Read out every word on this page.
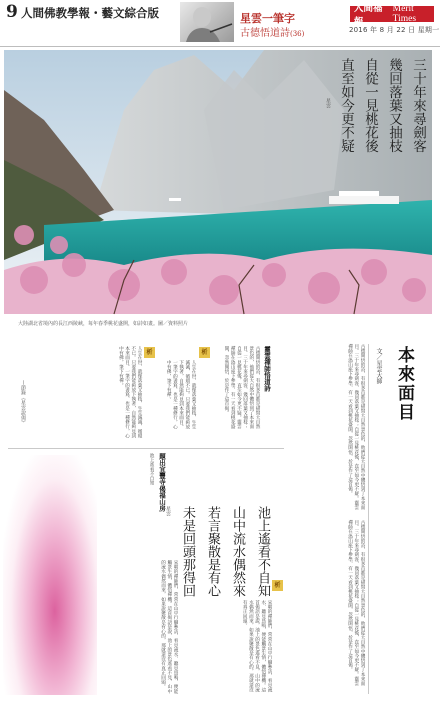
9 人間佛教學報・藝文綜合版	星雲一筆字
古德悟道詩(36)
人間福報
Merit Times
2016 年 8 月 22 日 星期一
三十年來尋劍客
幾回落葉又抽枝
自從一見桃花後
直至如今更不疑
星雲
大陸湖北省境內的長江西陵峽，每年春季桃花盛開，如詩如畫。圖／資料照片
本來面目
文／星雲大師
古德開悟的詩，有很多首都是描寫大自然景色的，他們從大自然中體悟到了本來面目。三十年來尋劍客，幾回落葉又抽枝；自從一見桃花後，直至如今更不疑。靈雲禪師在溈山座下參學，有一天看到桃花盛開，忽然開悟，於是作了這首偈。
古德開悟的詩，有很多首都是描寫大自然景色的，他們從大自然中體悟到了本來面目。三十年來尋劍客，幾回落葉又抽枝；自從一見桃花後，直至如今更不疑。靈雲禪師在溈山座下參學，有一天看到桃花盛開，忽然開悟，於是作了這首偈。
靈雲禪師悟道詩
析	古德開悟的詩，有很多首都是描寫大自然景色的，他們從大自然中體悟到了本來面目。三十年來尋劍客，幾回落葉又抽枝；自從一見桃花後，直至如今更不疑。靈雲禪師在溈山座下參學，有一天看到桃花盛開，忽然開悟，於是作了這首偈。
人生在世，就像落葉又抽枝，生生滅滅，循環不已。只要我們能夠放下執著，自然能夠見到本來面目。一筆字的書寫，也是一種修行，心中有佛，筆下有禪。
析
人生在世，就像落葉又抽枝，生生滅滅，循環不已。只要我們能夠放下執著，自然能夠見到本來面目。一筆字的書寫，也是一種修行，心中有佛，筆下有禪。
—節錄《星雲說偈》
題出宜豐寺偈福山房
池上遙看不自知
池上遙看不自知
山中流水偶然來
若言聚散是有心
未是回頭那得回
星雲
析
宋朝的禪師們，常常在山中行腳參訪，看見流水、聽見鳥鳴，便能觸景生情，體悟禪機。這首偈語是說，池上的景色遙看不見，山中的流水偶然而來，如果說聚散是有心的，那就還沒有真正回頭。
宋朝的禪師們，常常在山中行腳參訪，看見流水、聽見鳥鳴，便能觸景生情，體悟禪機。這首偈語是說，池上的景色遙看不見，山中的流水偶然而來，如果說聚散是有心的，那就還沒有真正回頭。
